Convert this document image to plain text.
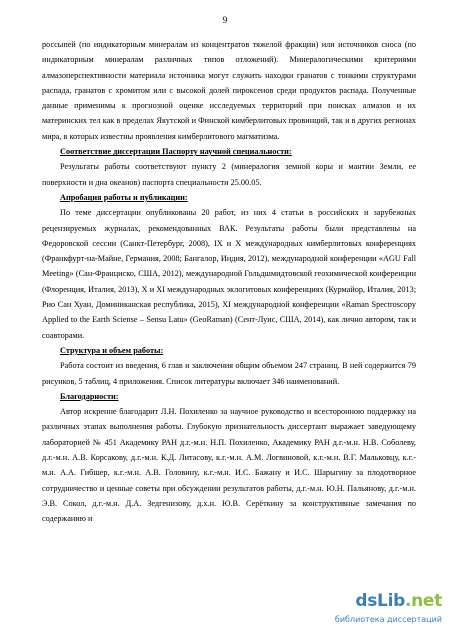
9

россыпей (по индикаторным минералам из концентратов тяжелой фракции) или источников сноса (по индикаторным минералам различных типов отложений). Минералогическими критериями алмазоперспективности материала источника могут служить находки гранатов с тонкими структурами распада, гранатов с хромитом или с высокой долей пироксенов среди продуктов распада. Полученные данные применимы к прогнозной оценке исследуемых территорий при поисках алмазов и их материнских тел как в пределах Якутской и Финской кимберлитовых провинций, так и в других регионах мира, в которых известны проявления кимберлитового магматизма.

Соответствие диссертации Паспорту научной специальности:

Результаты работы соответствуют пункту 2 (минералогия земной коры и мантии Земли, ее поверхности и дна океанов) паспорта специальности 25.00.05.

Апробация работы и публикации:

По теме диссертации опубликованы 20 работ, из них 4 статьи в российских и зарубежных рецензируемых журналах, рекомендованных ВАК. Результаты работы были представлены на Федоровской сессии (Санкт-Петербург, 2008), IX и X международных кимберлитовых конференциях (Франкфурт-на-Майне, Германия, 2008; Бангалор, Индия, 2012), международной конференции «AGU Fall Meeting» (Сан-Франциско, США, 2012), международной Гольдшмидтовской геохимической конференции (Флоренция, Италия, 2013), X и XI международных эклогитовых конференциях (Курмайор, Италия, 2013; Рио Сан Хуан, Доминиканская республика, 2015), XI международной конференции «Raman Spectroscopy Applied to the Earth Sciense – Sensu Latu» (GeoRaman) (Сент-Луис, США, 2014), как лично автором, так и соавторами.

Структура и объем работы:

Работа состоит из введения, 6 глав и заключения общим объемом 247 страниц. В ней содержится 79 рисунков, 5 таблиц, 4 приложения. Список литературы включает 346 наименований.

Благодарности:

Автор искренне благодарит Л.Н. Похиленко за научное руководство и всесторонною поддержку на различных этапах выполнения работы. Глубокую признательность диссертант выражает заведующему лабораторией № 451 Академику РАН д.г.-м.н. Н.П. Похиленко, Академику РАН д.г.-м.н. Н.В. Соболеву, д.г.-м.н. А.В. Корсакову, д.г.-м.н. К.Д. Литасову, к.г.-м.н. А.М. Логвиновой, к.г.-м.н. В.Г. Мальковцу, к.г.-м.н. А.А. Гибшер, к.г.-м.н. А.В. Головину, к.г.-м.н. И.С. Бажану и И.С. Шарыгину за плодотворное сотрудничество и ценные советы при обсуждении результатов работы, д.г.-м.н. Ю.Н. Пальянову, д.г.-м.н. Э.В. Сокол, д.г.-м.н. Д.А. Зедгенизову, д.х.н. Ю.В. Серёткину за конструктивные замечания по содержанию и

dsLib.net
библиотека диссертаций
